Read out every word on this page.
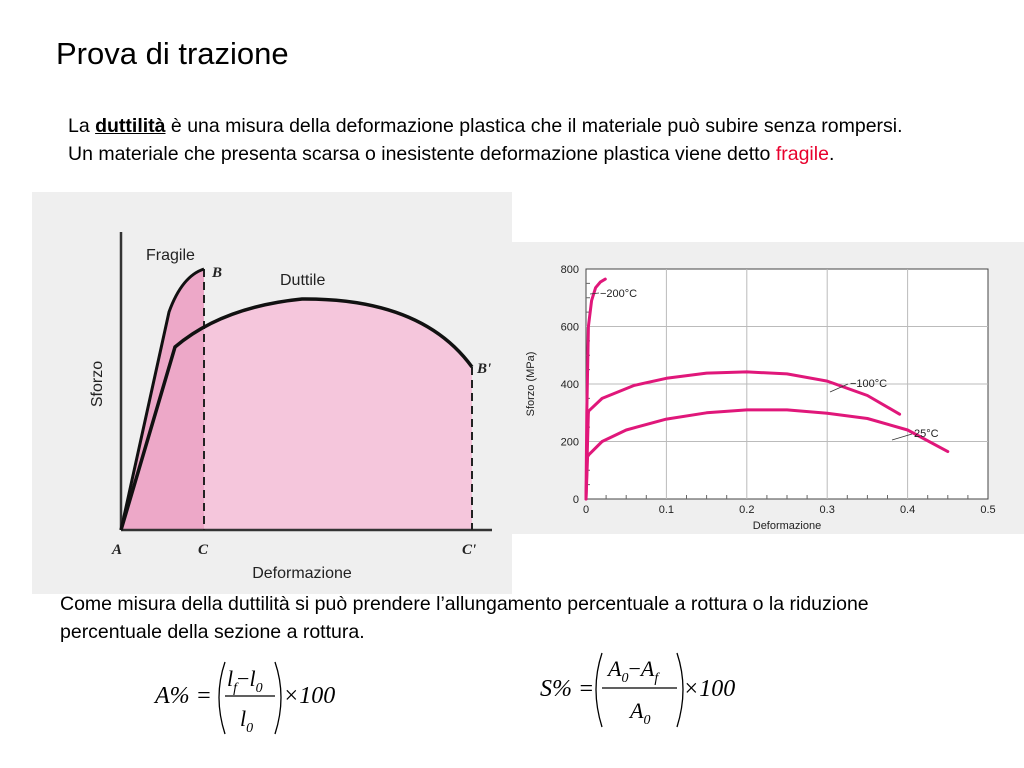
Prova di trazione
La duttilità è una misura della deformazione plastica che il materiale può subire senza rompersi. Un materiale che presenta scarsa o inesistente deformazione plastica viene detto fragile.
Fragile
Duttile
Sforzo
Deformazione
A
B
C
B'
C'
0	0.1	0.2	0.3	0.4	0.5
0
200
400
600
800
−200°C
−100°C
25°C
Deformazione
Sforzo (MPa)
Come misura della duttilità si può prendere l’allungamento percentuale a rottura o la riduzione percentuale della sezione a rottura.
A% =
$l_f-l_0$
$l_0$
×100	S% =
$A_0-A_f$
$A_0$
×100
